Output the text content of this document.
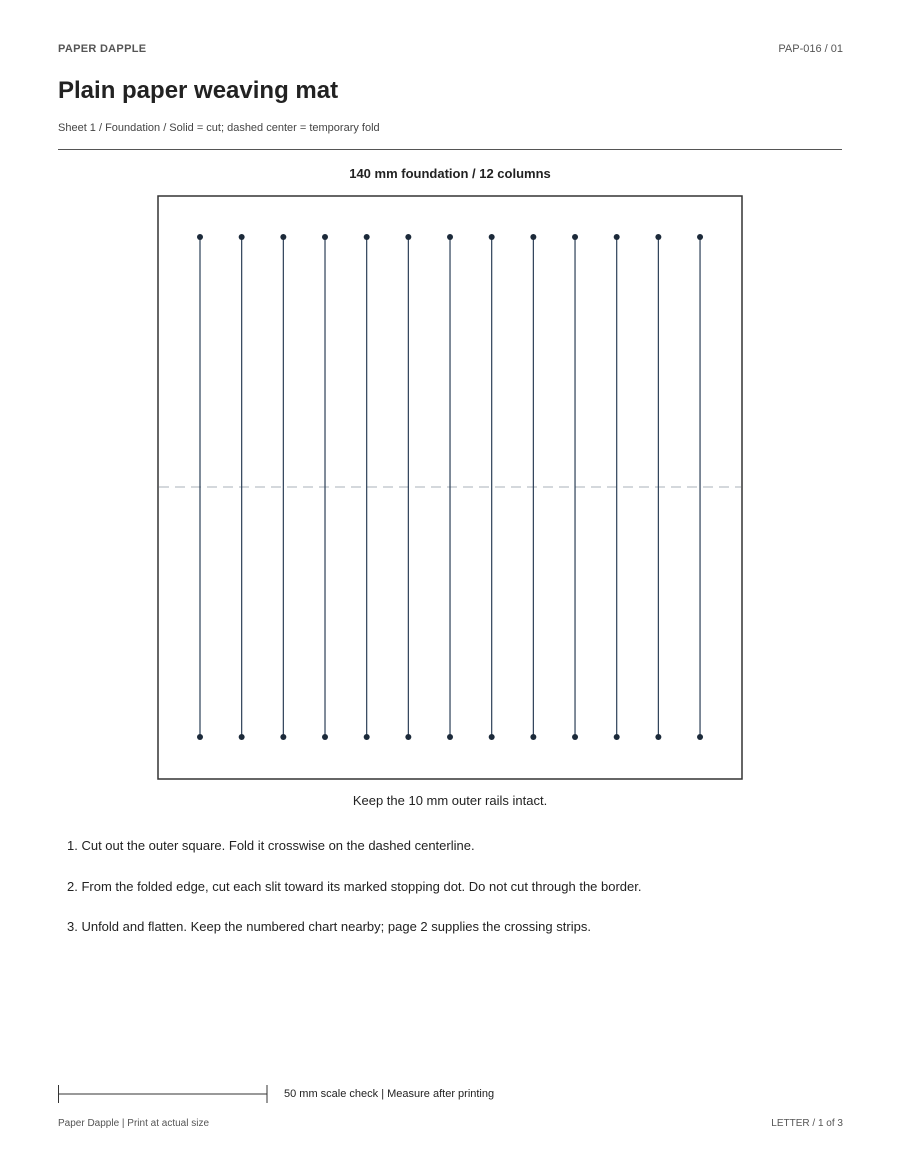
PAPER DAPPLE	PAP-016 / 01
Plain paper weaving mat
Sheet 1 / Foundation / Solid = cut; dashed center = temporary fold
140 mm foundation / 12 columns
Keep the 10 mm outer rails intact.
1. Cut out the outer square. Fold it crosswise on the dashed centerline.
2. From the folded edge, cut each slit toward its marked stopping dot. Do not cut through the border.
3. Unfold and flatten. Keep the numbered chart nearby; page 2 supplies the crossing strips.
50 mm scale check | Measure after printing
Paper Dapple | Print at actual size	LETTER / 1 of 3
